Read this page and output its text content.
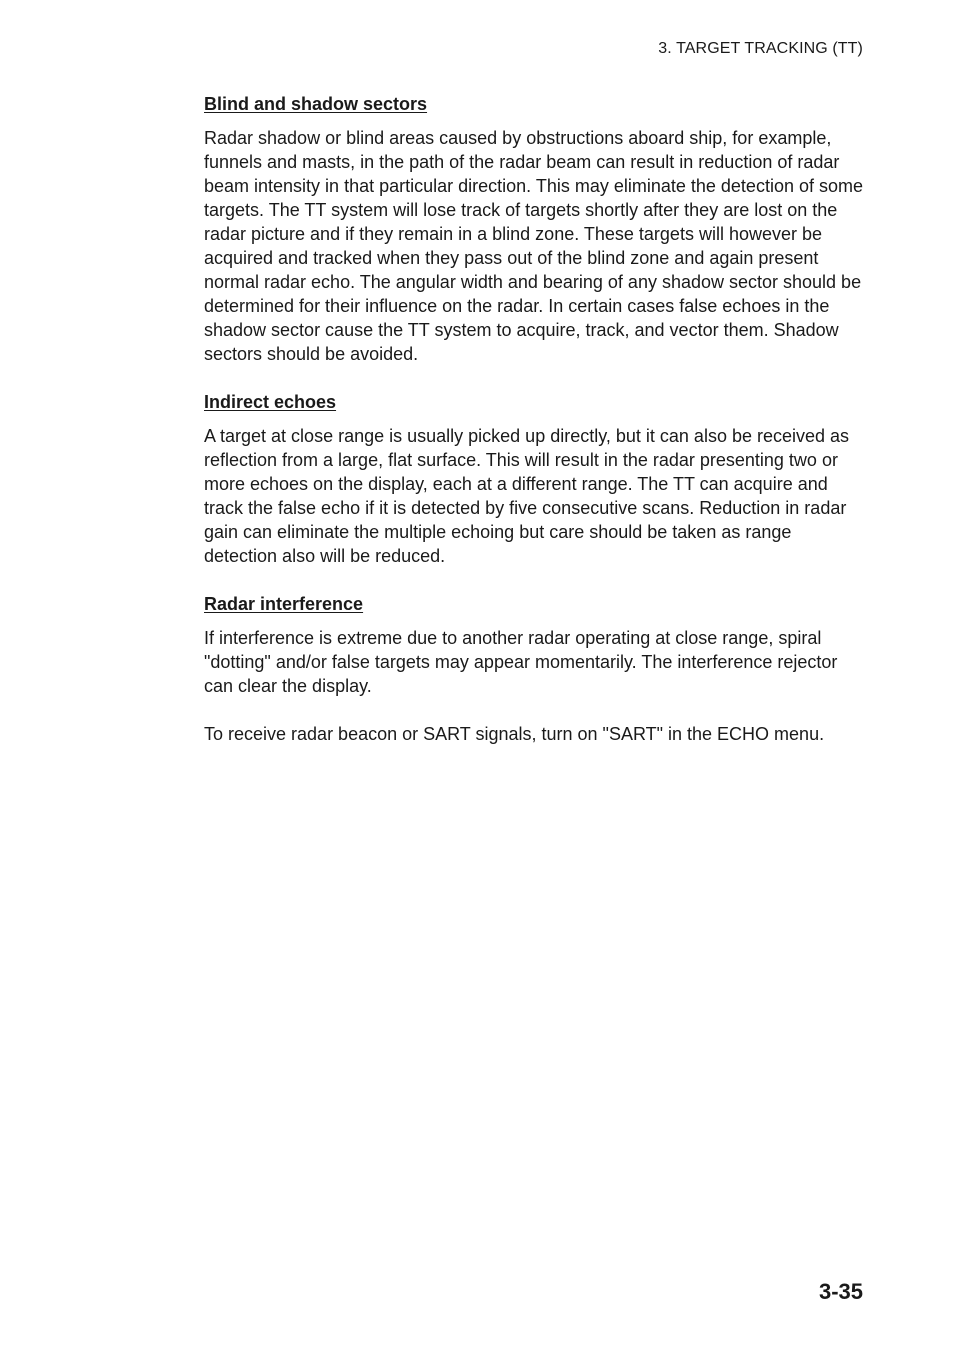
3. TARGET TRACKING (TT)
Blind and shadow sectors

Radar shadow or blind areas caused by obstructions aboard ship, for example, funnels and masts, in the path of the radar beam can result in reduction of radar beam intensity in that particular direction. This may eliminate the detection of some targets. The TT system will lose track of targets shortly after they are lost on the radar picture and if they remain in a blind zone. These targets will however be acquired and tracked when they pass out of the blind zone and again present normal radar echo. The angular width and bearing of any shadow sector should be determined for their influence on the radar. In certain cases false echoes in the shadow sector cause the TT system to acquire, track, and vector them. Shadow sectors should be avoided.

Indirect echoes

A target at close range is usually picked up directly, but it can also be received as reflection from a large, flat surface. This will result in the radar presenting two or more echoes on the display, each at a different range. The TT can acquire and track the false echo if it is detected by five consecutive scans. Reduction in radar gain can eliminate the multiple echoing but care should be taken as range detection also will be reduced.

Radar interference

If interference is extreme due to another radar operating at close range, spiral "dotting" and/or false targets may appear momentarily. The interference rejector can clear the display.

To receive radar beacon or SART signals, turn on "SART" in the ECHO menu.

3-35
